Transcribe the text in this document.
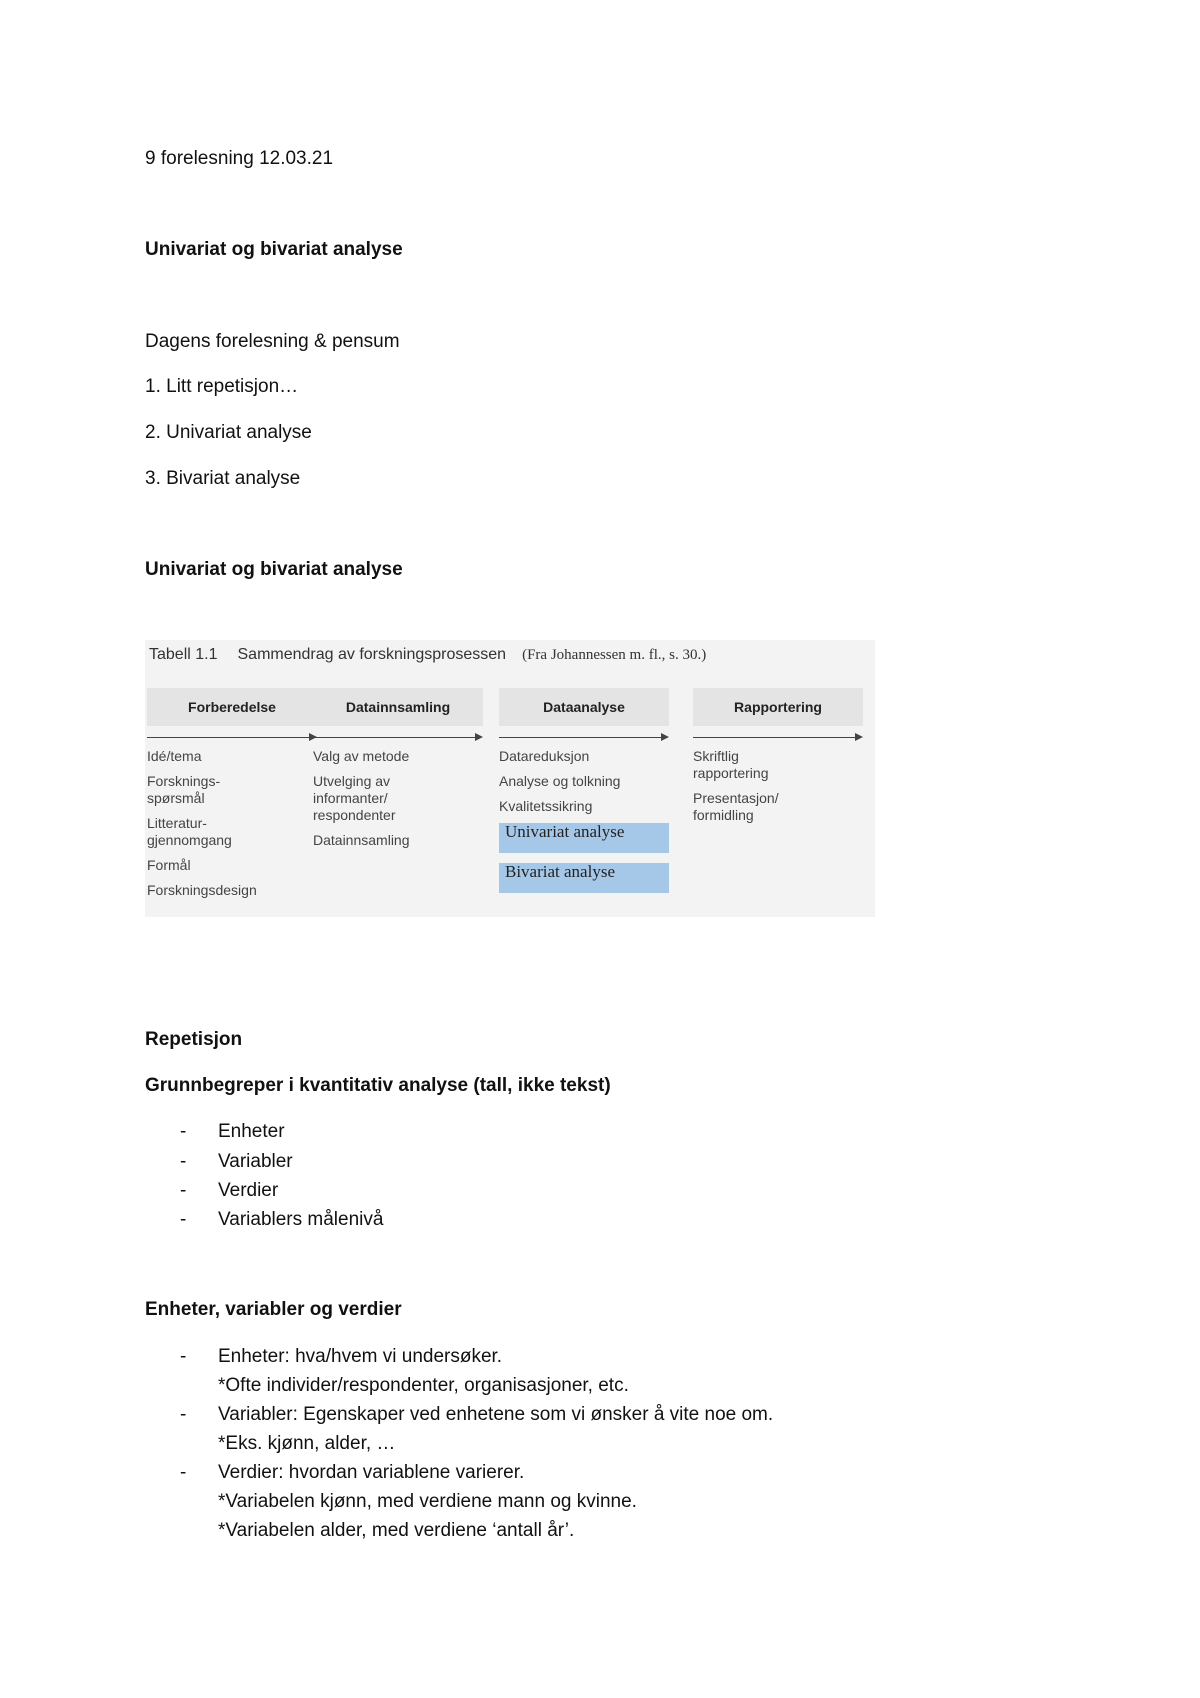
9 forelesning 12.03.21
Univariat og bivariat analyse
Dagens forelesning & pensum
1. Litt repetisjon…
2. Univariat analyse
3. Bivariat analyse
Univariat og bivariat analyse
Tabell 1.1 Sammendrag av forskningsprosessen (Fra Johannessen m. fl., s. 30.)
Forberedelse
Idé/tema
Forsknings-
spørsmål
Litteratur-
gjennomgang
Formål
Forskningsdesign
Datainnsamling
Valg av metode
Utvelging av
informanter/
respondenter
Datainnsamling
Dataanalyse
Datareduksjon
Analyse og tolkning
Kvalitetssikring
Univariat analyse
Bivariat analyse
Rapportering
Skriftlig
rapportering
Presentasjon/
formidling
Repetisjon
Grunnbegreper i kvantitativ analyse (tall, ikke tekst)
- Enheter
- Variabler
- Verdier
- Variablers målenivå
Enheter, variabler og verdier
- Enheter: hva/hvem vi undersøker.
*Ofte individer/respondenter, organisasjoner, etc.
- Variabler: Egenskaper ved enhetene som vi ønsker å vite noe om.
*Eks. kjønn, alder, …
- Verdier: hvordan variablene varierer.
*Variabelen kjønn, med verdiene mann og kvinne.
*Variabelen alder, med verdiene ‘antall år’.
